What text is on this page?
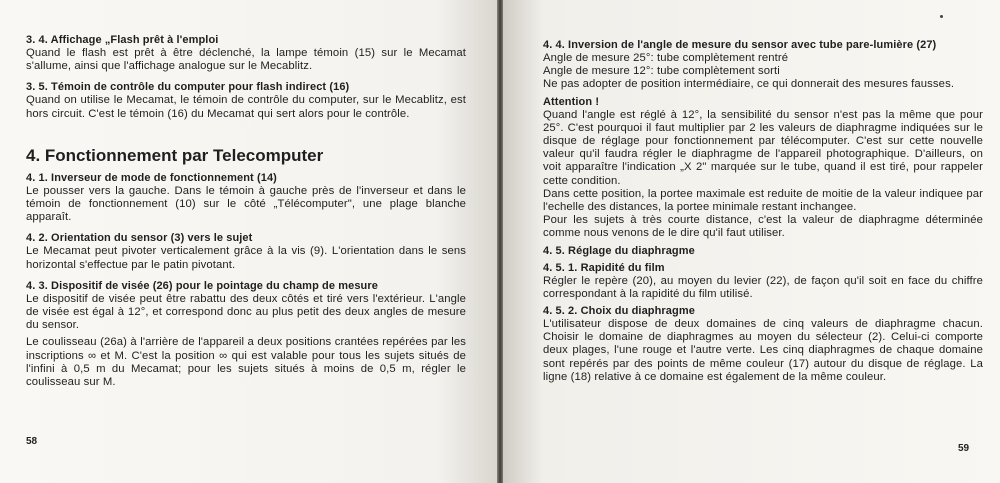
3. 4. Affichage „Flash prêt à l'emploi

Quand le flash est prêt à être déclenché, la lampe témoin (15) sur le Mecamat s'allume, ainsi que l'affichage analogue sur le Mecablitz.

3. 5. Témoin de contrôle du computer pour flash indirect (16)

Quand on utilise le Mecamat, le témoin de contrôle du computer, sur le Mecablitz, est hors circuit. C'est le témoin (16) du Mecamat qui sert alors pour le contrôle.

4. Fonctionnement par Telecomputer

4. 1. Inverseur de mode de fonctionnement (14)

Le pousser vers la gauche. Dans le témoin à gauche près de l'inverseur et dans le témoin de fonctionnement (10) sur le côté „Télécomputer", une plage blanche apparaît.

4. 2. Orientation du sensor (3) vers le sujet

Le Mecamat peut pivoter verticalement grâce à la vis (9). L'orientation dans le sens horizontal s'effectue par le patin pivotant.

4. 3. Dispositif de visée (26) pour le pointage du champ de mesure

Le dispositif de visée peut être rabattu des deux côtés et tiré vers l'extérieur. L'angle de visée est égal à 12°, et correspond donc au plus petit des deux angles de mesure du sensor.

Le coulisseau (26a) à l'arrière de l'appareil a deux positions crantées repérées par les inscriptions ∞ et M. C'est la position ∞ qui est valable pour tous les sujets situés de l'infini à 0,5 m du Mecamat; pour les sujets situés à moins de 0,5 m, régler le coulisseau sur M.

58

4. 4. Inversion de l'angle de mesure du sensor avec tube pare-lumière (27)

Angle de mesure 25°: tube complètement rentré

Angle de mesure 12°: tube complètement sorti

Ne pas adopter de position intermédiaire, ce qui donnerait des mesures fausses.

Attention !

Quand l'angle est réglé à 12°, la sensibilité du sensor n'est pas la même que pour 25°. C'est pourquoi il faut multiplier par 2 les valeurs de diaphragme indiquées sur le disque de réglage pour fonctionnement par télécomputer. C'est sur cette nouvelle valeur qu'il faudra régler le diaphragme de l'appareil photographique. D'ailleurs, on voit apparaître l'indication „X 2" marquée sur le tube, quand il est tiré, pour rappeler cette condition.

Dans cette position, la portee maximale est reduite de moitie de la valeur indiquee par l'echelle des distances, la portee minimale restant inchangee.

Pour les sujets à très courte distance, c'est la valeur de diaphragme déterminée comme nous venons de le dire qu'il faut utiliser.

4. 5. Réglage du diaphragme

4. 5. 1. Rapidité du film

Régler le repère (20), au moyen du levier (22), de façon qu'il soit en face du chiffre correspondant à la rapidité du film utilisé.

4. 5. 2. Choix du diaphragme

L'utilisateur dispose de deux domaines de cinq valeurs de diaphragme chacun. Choisir le domaine de diaphragmes au moyen du sélecteur (2). Celui-ci comporte deux plages, l'une rouge et l'autre verte. Les cinq diaphragmes de chaque domaine sont repérés par des points de même couleur (17) autour du disque de réglage. La ligne (18) relative à ce domaine est également de la même couleur.

59
